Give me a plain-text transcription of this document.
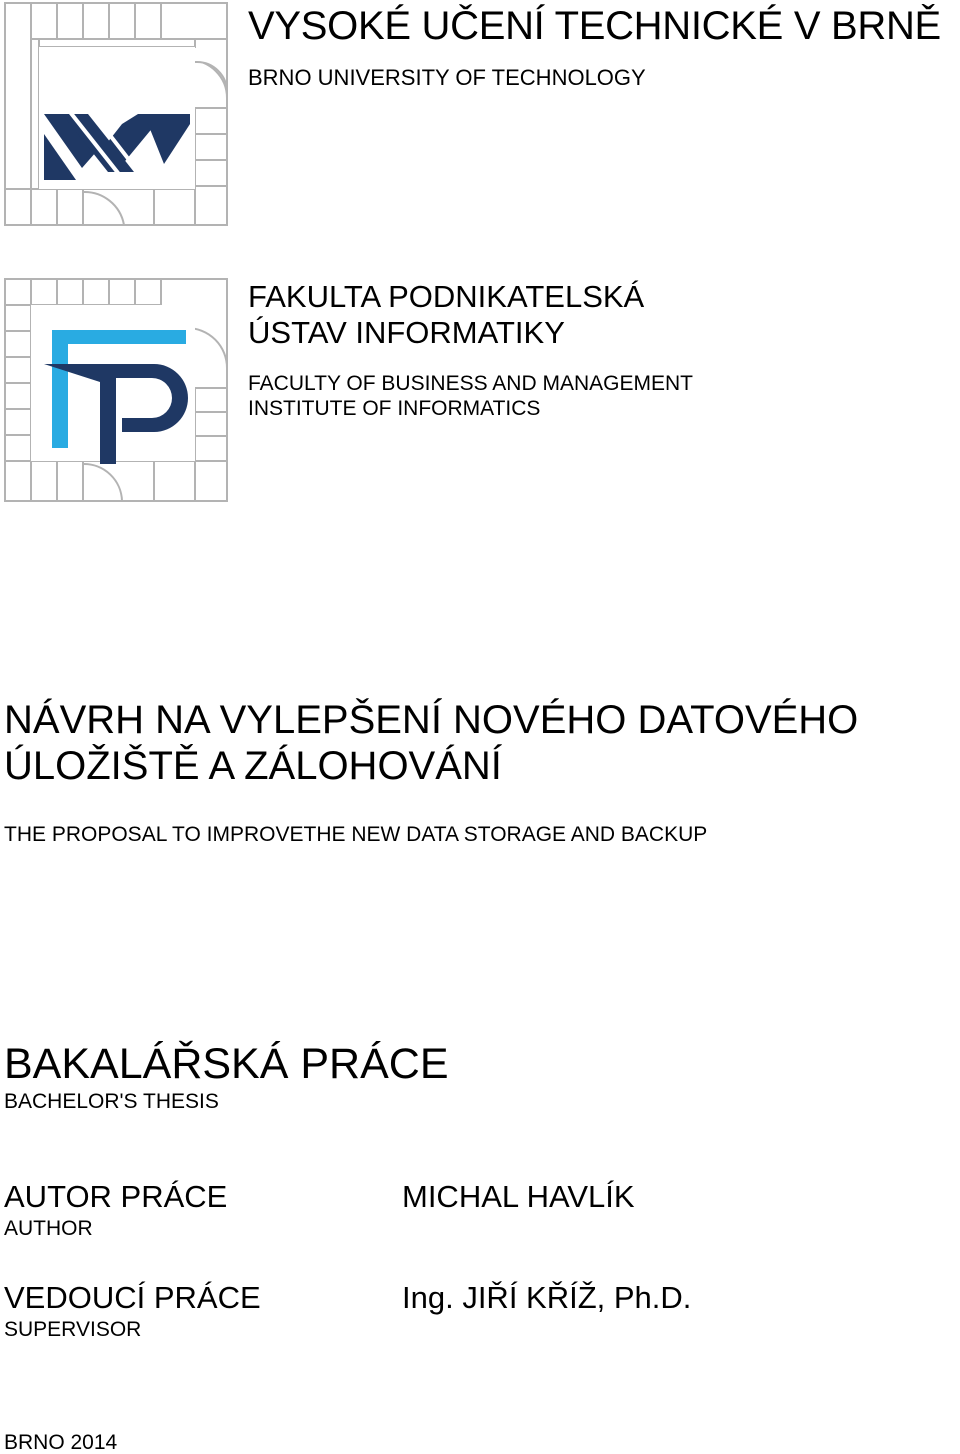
VYSOKÉ UČENÍ TECHNICKÉ V BRNĚ
BRNO UNIVERSITY OF TECHNOLOGY
FAKULTA PODNIKATELSKÁ
ÚSTAV INFORMATIKY
FACULTY OF BUSINESS AND MANAGEMENT
INSTITUTE OF INFORMATICS
NÁVRH NA VYLEPŠENÍ NOVÉHO DATOVÉHO
ÚLOŽIŠTĚ A ZÁLOHOVÁNÍ
THE PROPOSAL TO IMPROVETHE NEW DATA STORAGE AND BACKUP
BAKALÁŘSKÁ PRÁCE
BACHELOR'S THESIS
AUTOR PRÁCE
AUTHOR
MICHAL HAVLÍK
VEDOUCÍ PRÁCE
SUPERVISOR
Ing. JIŘÍ KŘÍŽ, Ph.D.
BRNO 2014
